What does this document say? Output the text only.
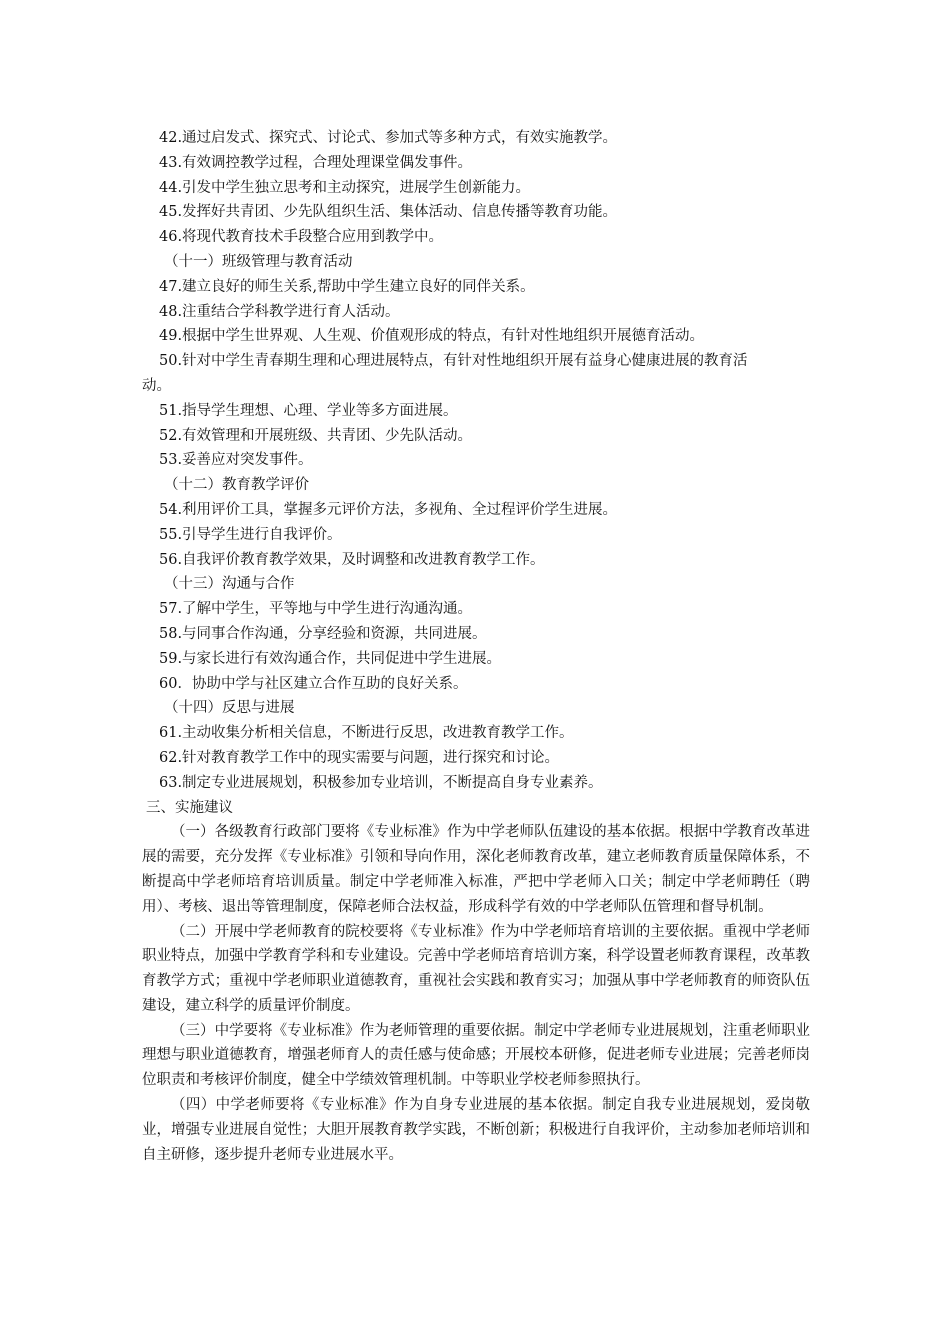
42.通过启发式、探究式、讨论式、参加式等多种方式，有效实施教学。
43.有效调控教学过程，合理处理课堂偶发事件。
44.引发中学生独立思考和主动探究，进展学生创新能力。
45.发挥好共青团、少先队组织生活、集体活动、信息传播等教育功能。
46.将现代教育技术手段整合应用到教学中。
（十一）班级管理与教育活动
47.建立良好的师生关系,帮助中学生建立良好的同伴关系。
48.注重结合学科教学进行育人活动。
49.根据中学生世界观、人生观、价值观形成的特点，有针对性地组织开展德育活动。
50.针对中学生青春期生理和心理进展特点，有针对性地组织开展有益身心健康进展的教育活
动。
51.指导学生理想、心理、学业等多方面进展。
52.有效管理和开展班级、共青团、少先队活动。
53.妥善应对突发事件。
（十二）教育教学评价
54.利用评价工具，掌握多元评价方法，多视角、全过程评价学生进展。
55.引导学生进行自我评价。
56.自我评价教育教学效果，及时调整和改进教育教学工作。
（十三）沟通与合作
57.了解中学生，平等地与中学生进行沟通沟通。
58.与同事合作沟通，分享经验和资源，共同进展。
59.与家长进行有效沟通合作，共同促进中学生进展。
60．协助中学与社区建立合作互助的良好关系。
（十四）反思与进展
61.主动收集分析相关信息，不断进行反思，改进教育教学工作。
62.针对教育教学工作中的现实需要与问题，进行探究和讨论。
63.制定专业进展规划，积极参加专业培训，不断提高自身专业素养。
三、实施建议

（一）各级教育行政部门要将《专业标准》作为中学老师队伍建设的基本依据。根据中学教育改革进展的需要，充分发挥《专业标准》引领和导向作用，深化老师教育改革，建立老师教育质量保障体系，不断提高中学老师培育培训质量。制定中学老师准入标准，严把中学老师入口关；制定中学老师聘任（聘用）、考核、退出等管理制度，保障老师合法权益，形成科学有效的中学老师队伍管理和督导机制。

（二）开展中学老师教育的院校要将《专业标准》作为中学老师培育培训的主要依据。重视中学老师职业特点，加强中学教育学科和专业建设。完善中学老师培育培训方案，科学设置老师教育课程，改革教育教学方式；重视中学老师职业道德教育，重视社会实践和教育实习；加强从事中学老师教育的师资队伍建设，建立科学的质量评价制度。

（三）中学要将《专业标准》作为老师管理的重要依据。制定中学老师专业进展规划，注重老师职业理想与职业道德教育，增强老师育人的责任感与使命感；开展校本研修，促进老师专业进展；完善老师岗位职责和考核评价制度，健全中学绩效管理机制。中等职业学校老师参照执行。

（四）中学老师要将《专业标准》作为自身专业进展的基本依据。制定自我专业进展规划，爱岗敬业，增强专业进展自觉性；大胆开展教育教学实践，不断创新；积极进行自我评价，主动参加老师培训和自主研修，逐步提升老师专业进展水平。
